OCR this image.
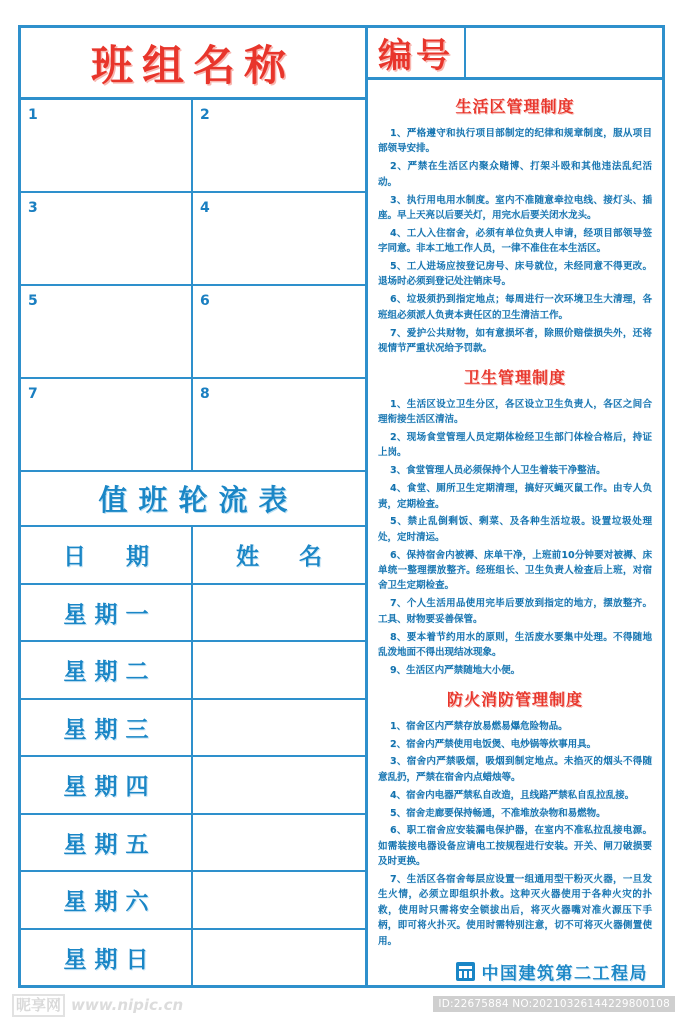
班组名称
1	2
3	4
5	6
7	8
值班轮流表
日 期	姓 名
星期一
星期二
星期三
星期四
星期五
星期六
星期日
编号
生活区管理制度

1、严格遵守和执行项目部制定的纪律和规章制度，服从项目部领导安排。

2、严禁在生活区内聚众赌博、打架斗殴和其他违法乱纪活动。

3、执行用电用水制度。室内不准随意牵拉电线、接灯头、插座。早上天亮以后要关灯，用完水后要关闭水龙头。

4、工人入住宿舍，必须有单位负责人申请，经项目部领导签字同意。非本工地工作人员，一律不准住在本生活区。

5、工人进场应按登记房号、床号就位，未经同意不得更改。退场时必须到登记处注销床号。

6、垃圾须扔到指定地点；每周进行一次环境卫生大清理，各班组必须派人负责本责任区的卫生清洁工作。

7、爱护公共财物，如有意损坏者，除照价赔偿损失外，还将视情节严重状况给予罚款。

卫生管理制度

1、生活区设立卫生分区，各区设立卫生负责人，各区之间合理衔接生活区清洁。

2、现场食堂管理人员定期体检经卫生部门体检合格后，持证上岗。

3、食堂管理人员必须保持个人卫生着装干净整洁。

4、食堂、厕所卫生定期清理，搞好灭蝇灭鼠工作。由专人负责，定期检查。

5、禁止乱倒剩饭、剩菜、及各种生活垃圾。设置垃圾处理处，定时清运。

6、保持宿舍内被褥、床单干净，上班前10分钟要对被褥、床单统一整理摆放整齐。经班组长、卫生负责人检查后上班，对宿舍卫生定期检查。

7、个人生活用品使用完毕后要放到指定的地方，摆放整齐。工具、财物要妥善保管。

8、要本着节约用水的原则，生活废水要集中处理。不得随地乱泼地面不得出现结冰现象。

9、生活区内严禁随地大小便。

防火消防管理制度

1、宿舍区内严禁存放易燃易爆危险物品。

2、宿舍内严禁使用电饭煲、电炒锅等炊事用具。

3、宿舍内严禁吸烟，吸烟到制定地点。未掐灭的烟头不得随意乱扔，严禁在宿舍内点蜡烛等。

4、宿舍内电器严禁私自改造，且线路严禁私自乱拉乱接。

5、宿舍走廊要保持畅通，不准堆放杂物和易燃物。

6、职工宿舍应安装漏电保护器，在室内不准私拉乱接电源。如需装接电器设备应请电工按规程进行安装。开关、闸刀破损要及时更换。

7、生活区各宿舍每层应设置一组通用型干粉灭火器，一旦发生火情，必须立即组织扑救。这种灭火器使用于各种火灾的扑救，使用时只需将安全锁拔出后，将灭火器嘴对准火源压下手柄，即可将火扑灭。使用时需特别注意，切不可将灭火器侧置使用。

中国建筑第二工程局
昵享网 www.nipic.cn	ID:22675884 NO:20210326144229800108
